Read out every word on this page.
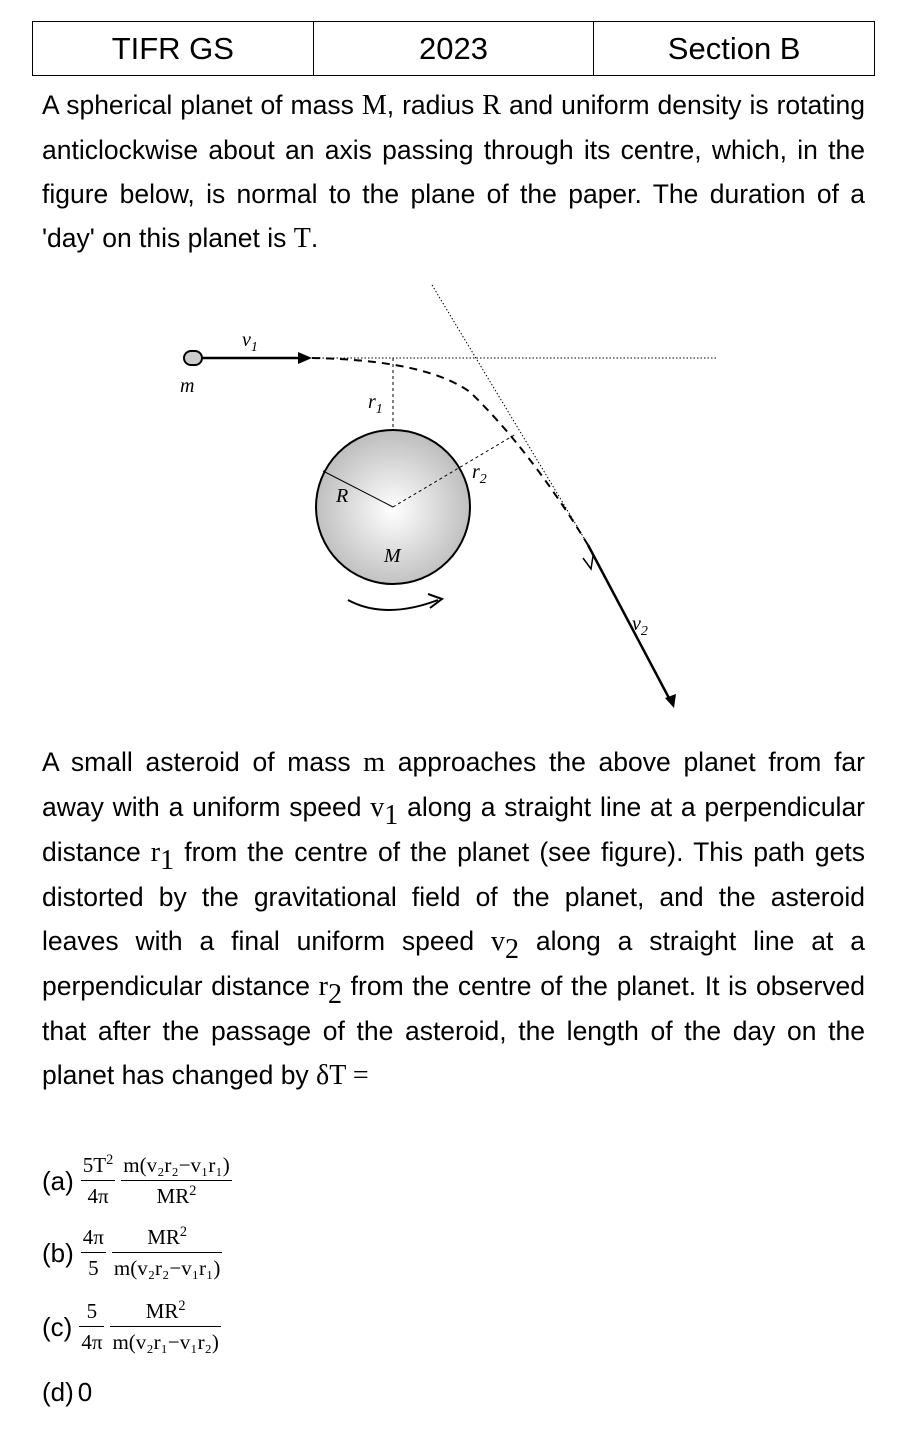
TIFR GS	2023	Section B

A spherical planet of mass M, radius R and uniform density is rotating anticlockwise about an axis passing through its centre, which, in the figure below, is normal to the plane of the paper. The duration of a 'day' on this planet is T.

m
$v_1$
$r_1$
$r_2$
R
M
$v_2$

A small asteroid of mass m approaches the above planet from far away with a uniform speed $v_1$ along a straight line at a perpendicular distance $r_1$ from the centre of the planet (see figure). This path gets distorted by the gravitational field of the planet, and the asteroid leaves with a final uniform speed $v_2$ along a straight line at a perpendicular distance $r_2$ from the centre of the planet. It is observed that after the passage of the asteroid, the length of the day on the planet has changed by δT =

$(a) \frac{5T^2}{4\pi} \frac{\text{m(v₂r₂−v₁r₁)}}{MR^2}$
$(b) \frac{4\pi}{5} \frac{MR^2}{\text{m(v₂r₂−v₁r₁)}}$
$(c) \frac{5}{4\pi} \frac{MR^2}{\text{m(v₂r₁−v₁r₂)}}$
(d) 0
